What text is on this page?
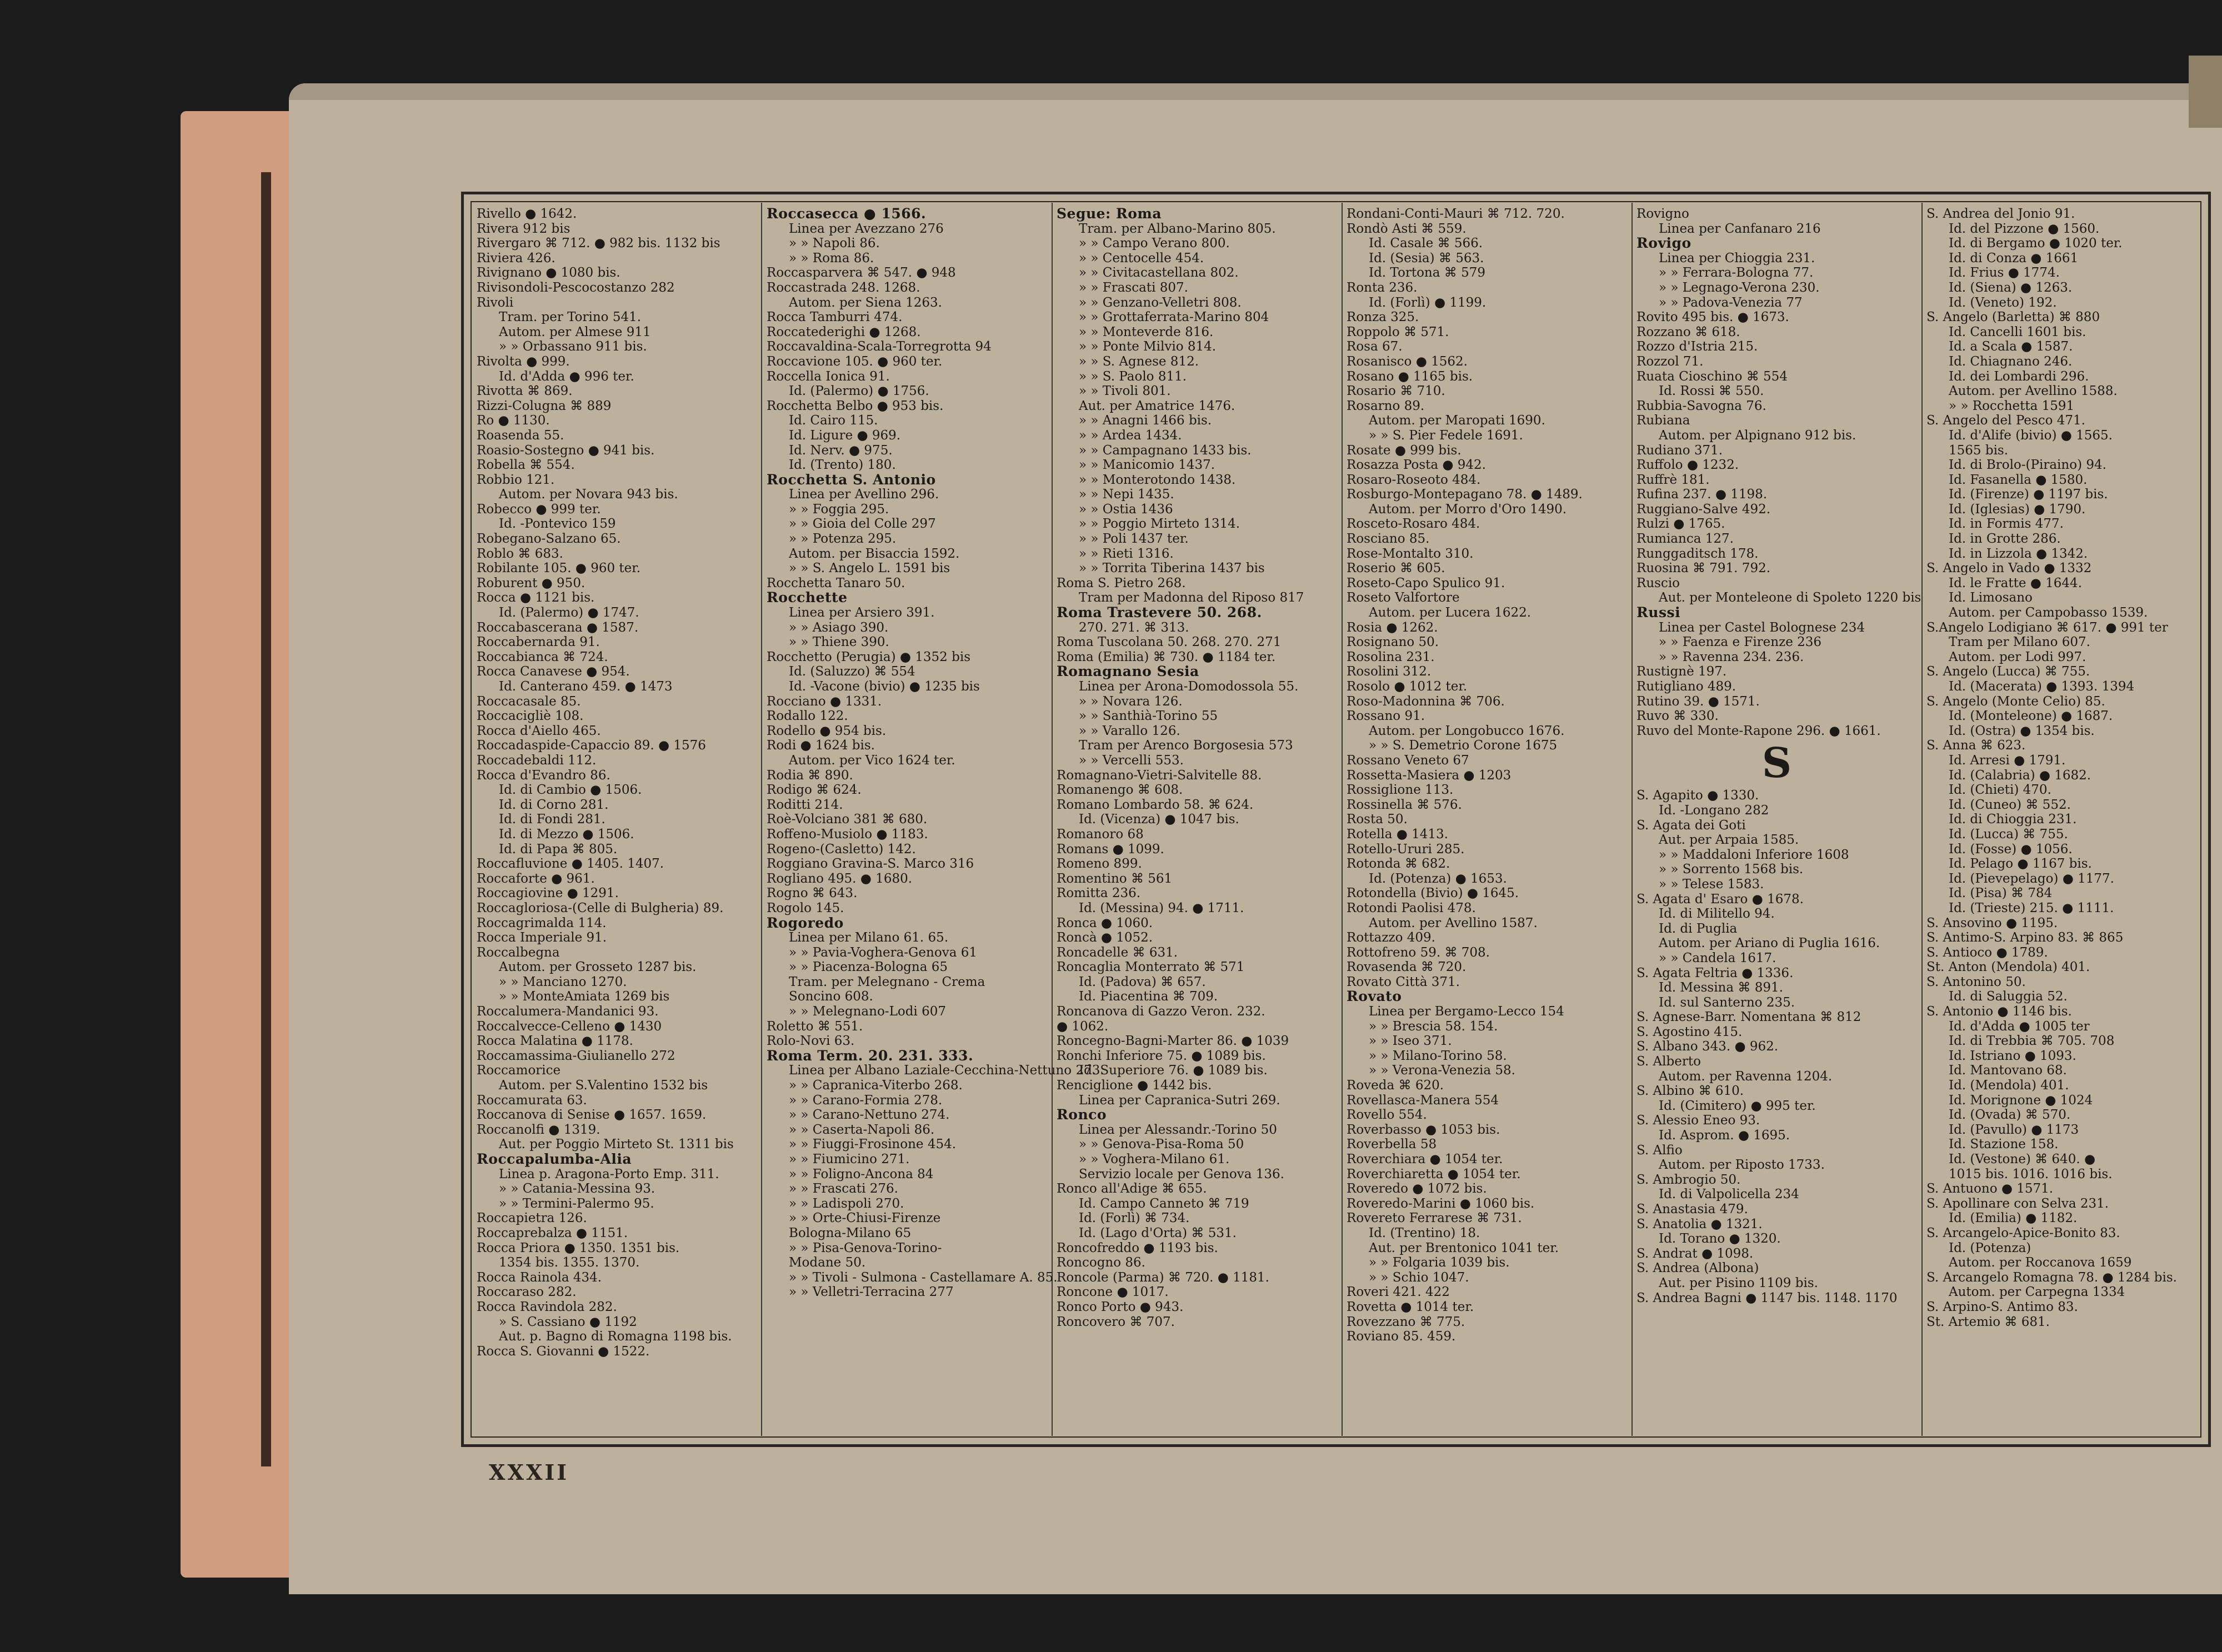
Rivello ● 1642.
Rivera 912 bis
Rivergaro ⌘ 712. ● 982 bis. 1132 bis
Riviera 426.
Rivignano ● 1080 bis.
Rivisondoli-Pescocostanzo 282
Rivoli
Tram. per Torino 541.
Autom. per Almese 911
» » Orbassano 911 bis.
Rivolta ● 999.
Id. d'Adda ● 996 ter.
Rivotta ⌘ 869.
Rizzi-Colugna ⌘ 889
Ro ● 1130.
Roasenda 55.
Roasio-Sostegno ● 941 bis.
Robella ⌘ 554.
Robbio 121.
Autom. per Novara 943 bis.
Robecco ● 999 ter.
Id. -Pontevico 159
Robegano-Salzano 65.
Roblo ⌘ 683.
Robilante 105. ● 960 ter.
Roburent ● 950.
Rocca ● 1121 bis.
Id. (Palermo) ● 1747.
Roccabascerana ● 1587.
Roccabernarda 91.
Roccabianca ⌘ 724.
Rocca Canavese ● 954.
Id. Canterano 459. ● 1473
Roccacasale 85.
Roccacigliè 108.
Rocca d'Aiello 465.
Roccadaspide-Capaccio 89. ● 1576
Roccadebaldi 112.
Rocca d'Evandro 86.
Id. di Cambio ● 1506.
Id. di Corno 281.
Id. di Fondi 281.
Id. di Mezzo ● 1506.
Id. di Papa ⌘ 805.
Roccafluvione ● 1405. 1407.
Roccaforte ● 961.
Roccagiovine ● 1291.
Roccagloriosa-(Celle di Bulgheria) 89.
Roccagrimalda 114.
Rocca Imperiale 91.
Roccalbegna
Autom. per Grosseto 1287 bis.
» » Manciano 1270.
» » MonteAmiata 1269 bis
Roccalumera-Mandanici 93.
Roccalvecce-Celleno ● 1430
Rocca Malatina ● 1178.
Roccamassima-Giulianello 272
Roccamorice
Autom. per S.Valentino 1532 bis
Roccamurata 63.
Roccanova di Senise ● 1657. 1659.
Roccanolfi ● 1319.
Aut. per Poggio Mirteto St. 1311 bis
Roccapalumba-Alia
Linea p. Aragona-Porto Emp. 311.
» » Catania-Messina 93.
» » Termini-Palermo 95.
Roccapietra 126.
Roccaprebalza ● 1151.
Rocca Priora ● 1350. 1351 bis.
1354 bis. 1355. 1370.
Rocca Rainola 434.
Roccaraso 282.
Rocca Ravindola 282.
» S. Cassiano ● 1192
Aut. p. Bagno di Romagna 1198 bis.
Rocca S. Giovanni ● 1522.
Roccasecca ● 1566.
Linea per Avezzano 276
» » Napoli 86.
» » Roma 86.
Roccasparvera ⌘ 547. ● 948
Roccastrada 248. 1268.
Autom. per Siena 1263.
Rocca Tamburri 474.
Roccatederighi ● 1268.
Roccavaldina-Scala-Torregrotta 94
Roccavione 105. ● 960 ter.
Roccella Ionica 91.
Id. (Palermo) ● 1756.
Rocchetta Belbo ● 953 bis.
Id. Cairo 115.
Id. Ligure ● 969.
Id. Nerv. ● 975.
Id. (Trento) 180.
Rocchetta S. Antonio
Linea per Avellino 296.
» » Foggia 295.
» » Gioia del Colle 297
» » Potenza 295.
Autom. per Bisaccia 1592.
» » S. Angelo L. 1591 bis
Rocchetta Tanaro 50.
Rocchette
Linea per Arsiero 391.
» » Asiago 390.
» » Thiene 390.
Rocchetto (Perugia) ● 1352 bis
Id. (Saluzzo) ⌘ 554
Id. -Vacone (bivio) ● 1235 bis
Rocciano ● 1331.
Rodallo 122.
Rodello ● 954 bis.
Rodi ● 1624 bis.
Autom. per Vico 1624 ter.
Rodia ⌘ 890.
Rodigo ⌘ 624.
Roditti 214.
Roè-Volciano 381 ⌘ 680.
Roffeno-Musiolo ● 1183.
Rogeno-(Casletto) 142.
Roggiano Gravina-S. Marco 316
Rogliano 495. ● 1680.
Rogno ⌘ 643.
Rogolo 145.
Rogoredo
Linea per Milano 61. 65.
» » Pavia-Voghera-Genova 61
» » Piacenza-Bologna 65
Tram. per Melegnano - Crema
Soncino 608.
» » Melegnano-Lodi 607
Roletto ⌘ 551.
Rolo-Novi 63.
Roma Term. 20. 231. 333.
Linea per Albano Laziale-Cecchina-Nettuno 273.
» » Capranica-Viterbo 268.
» » Carano-Formia 278.
» » Carano-Nettuno 274.
» » Caserta-Napoli 86.
» » Fiuggi-Frosinone 454.
» » Fiumicino 271.
» » Foligno-Ancona 84
» » Frascati 276.
» » Ladispoli 270.
» » Orte-Chiusi-Firenze
Bologna-Milano 65
» » Pisa-Genova-Torino-
Modane 50.
» » Tivoli - Sulmona - Castellamare A. 85.
» » Velletri-Terracina 277
Segue: Roma
Tram. per Albano-Marino 805.
» » Campo Verano 800.
» » Centocelle 454.
» » Civitacastellana 802.
» » Frascati 807.
» » Genzano-Velletri 808.
» » Grottaferrata-Marino 804
» » Monteverde 816.
» » Ponte Milvio 814.
» » S. Agnese 812.
» » S. Paolo 811.
» » Tivoli 801.
Aut. per Amatrice 1476.
» » Anagni 1466 bis.
» » Ardea 1434.
» » Campagnano 1433 bis.
» » Manicomio 1437.
» » Monterotondo 1438.
» » Nepi 1435.
» » Ostia 1436
» » Poggio Mirteto 1314.
» » Poli 1437 ter.
» » Rieti 1316.
» » Torrita Tiberina 1437 bis
Roma S. Pietro 268.
Tram per Madonna del Riposo 817
Roma Trastevere 50. 268.
270. 271. ⌘ 313.
Roma Tuscolana 50. 268. 270. 271
Roma (Emilia) ⌘ 730. ● 1184 ter.
Romagnano Sesia
Linea per Arona-Domodossola 55.
» » Novara 126.
» » Santhià-Torino 55
» » Varallo 126.
Tram per Arenco Borgosesia 573
» » Vercelli 553.
Romagnano-Vietri-Salvitelle 88.
Romanengo ⌘ 608.
Romano Lombardo 58. ⌘ 624.
Id. (Vicenza) ● 1047 bis.
Romanoro 68
Romans ● 1099.
Romeno 899.
Romentino ⌘ 561
Romitta 236.
Id. (Messina) 94. ● 1711.
Ronca ● 1060.
Roncà ● 1052.
Roncadelle ⌘ 631.
Roncaglia Monterrato ⌘ 571
Id. (Padova) ⌘ 657.
Id. Piacentina ⌘ 709.
Roncanova di Gazzo Veron. 232.
● 1062.
Roncegno-Bagni-Marter 86. ● 1039
Ronchi Inferiore 75. ● 1089 bis.
Id. Superiore 76. ● 1089 bis.
Renciglione ● 1442 bis.
Linea per Capranica-Sutri 269.
Ronco
Linea per Alessandr.-Torino 50
» » Genova-Pisa-Roma 50
» » Voghera-Milano 61.
Servizio locale per Genova 136.
Ronco all'Adige ⌘ 655.
Id. Campo Canneto ⌘ 719
Id. (Forlì) ⌘ 734.
Id. (Lago d'Orta) ⌘ 531.
Roncofreddo ● 1193 bis.
Roncogno 86.
Roncole (Parma) ⌘ 720. ● 1181.
Roncone ● 1017.
Ronco Porto ● 943.
Roncovero ⌘ 707.
Rondani-Conti-Mauri ⌘ 712. 720.
Rondò Asti ⌘ 559.
Id. Casale ⌘ 566.
Id. (Sesia) ⌘ 563.
Id. Tortona ⌘ 579
Ronta 236.
Id. (Forlì) ● 1199.
Ronza 325.
Roppolo ⌘ 571.
Rosa 67.
Rosanisco ● 1562.
Rosano ● 1165 bis.
Rosario ⌘ 710.
Rosarno 89.
Autom. per Maropati 1690.
» » S. Pier Fedele 1691.
Rosate ● 999 bis.
Rosazza Posta ● 942.
Rosaro-Roseoto 484.
Rosburgo-Montepagano 78. ● 1489.
Autom. per Morro d'Oro 1490.
Rosceto-Rosaro 484.
Rosciano 85.
Rose-Montalto 310.
Roserio ⌘ 605.
Roseto-Capo Spulico 91.
Roseto Valfortore
Autom. per Lucera 1622.
Rosia ● 1262.
Rosignano 50.
Rosolina 231.
Rosolini 312.
Rosolo ● 1012 ter.
Roso-Madonnina ⌘ 706.
Rossano 91.
Autom. per Longobucco 1676.
» » S. Demetrio Corone 1675
Rossano Veneto 67
Rossetta-Masiera ● 1203
Rossiglione 113.
Rossinella ⌘ 576.
Rosta 50.
Rotella ● 1413.
Rotello-Ururi 285.
Rotonda ⌘ 682.
Id. (Potenza) ● 1653.
Rotondella (Bivio) ● 1645.
Rotondi Paolisi 478.
Autom. per Avellino 1587.
Rottazzo 409.
Rottofreno 59. ⌘ 708.
Rovasenda ⌘ 720.
Rovato Città 371.
Rovato
Linea per Bergamo-Lecco 154
» » Brescia 58. 154.
» » Iseo 371.
» » Milano-Torino 58.
» » Verona-Venezia 58.
Roveda ⌘ 620.
Rovellasca-Manera 554
Rovello 554.
Roverbasso ● 1053 bis.
Roverbella 58
Roverchiara ● 1054 ter.
Roverchiaretta ● 1054 ter.
Roveredo ● 1072 bis.
Roveredo-Marini ● 1060 bis.
Rovereto Ferrarese ⌘ 731.
Id. (Trentino) 18.
Aut. per Brentonico 1041 ter.
» » Folgaria 1039 bis.
» » Schio 1047.
Roveri 421. 422
Rovetta ● 1014 ter.
Rovezzano ⌘ 775.
Roviano 85. 459.
Rovigno
Linea per Canfanaro 216
Rovigo
Linea per Chioggia 231.
» » Ferrara-Bologna 77.
» » Legnago-Verona 230.
» » Padova-Venezia 77
Rovito 495 bis. ● 1673.
Rozzano ⌘ 618.
Rozzo d'Istria 215.
Rozzol 71.
Ruata Cioschino ⌘ 554
Id. Rossi ⌘ 550.
Rubbia-Savogna 76.
Rubiana
Autom. per Alpignano 912 bis.
Rudiano 371.
Ruffolo ● 1232.
Ruffrè 181.
Rufina 237. ● 1198.
Ruggiano-Salve 492.
Rulzi ● 1765.
Rumianca 127.
Runggaditsch 178.
Ruosina ⌘ 791. 792.
Ruscio
Aut. per Monteleone di Spoleto 1220 bis
Russi
Linea per Castel Bolognese 234
» » Faenza e Firenze 236
» » Ravenna 234. 236.
Rustignè 197.
Rutigliano 489.
Rutino 39. ● 1571.
Ruvo ⌘ 330.
Ruvo del Monte-Rapone 296. ● 1661.
S
S. Agapito ● 1330.
Id. -Longano 282
S. Agata dei Goti
Aut. per Arpaia 1585.
» » Maddaloni Inferiore 1608
» » Sorrento 1568 bis.
» » Telese 1583.
S. Agata d' Esaro ● 1678.
Id. di Militello 94.
Id. di Puglia
Autom. per Ariano di Puglia 1616.
» » Candela 1617.
S. Agata Feltria ● 1336.
Id. Messina ⌘ 891.
Id. sul Santerno 235.
S. Agnese-Barr. Nomentana ⌘ 812
S. Agostino 415.
S. Albano 343. ● 962.
S. Alberto
Autom. per Ravenna 1204.
S. Albino ⌘ 610.
Id. (Cimitero) ● 995 ter.
S. Alessio Eneo 93.
Id. Asprom. ● 1695.
S. Alfio
Autom. per Riposto 1733.
S. Ambrogio 50.
Id. di Valpolicella 234
S. Anastasia 479.
S. Anatolia ● 1321.
Id. Torano ● 1320.
S. Andrat ● 1098.
S. Andrea (Albona)
Aut. per Pisino 1109 bis.
S. Andrea Bagni ● 1147 bis. 1148. 1170
S. Andrea del Jonio 91.
Id. del Pizzone ● 1560.
Id. di Bergamo ● 1020 ter.
Id. di Conza ● 1661
Id. Frius ● 1774.
Id. (Siena) ● 1263.
Id. (Veneto) 192.
S. Angelo (Barletta) ⌘ 880
Id. Cancelli 1601 bis.
Id. a Scala ● 1587.
Id. Chiagnano 246.
Id. dei Lombardi 296.
Autom. per Avellino 1588.
» » Rocchetta 1591
S. Angelo del Pesco 471.
Id. d'Alife (bivio) ● 1565.
1565 bis.
Id. di Brolo-(Piraino) 94.
Id. Fasanella ● 1580.
Id. (Firenze) ● 1197 bis.
Id. (Iglesias) ● 1790.
Id. in Formis 477.
Id. in Grotte 286.
Id. in Lizzola ● 1342.
S. Angelo in Vado ● 1332
Id. le Fratte ● 1644.
Id. Limosano
Autom. per Campobasso 1539.
S.Angelo Lodigiano ⌘ 617. ● 991 ter
Tram per Milano 607.
Autom. per Lodi 997.
S. Angelo (Lucca) ⌘ 755.
Id. (Macerata) ● 1393. 1394
S. Angelo (Monte Celio) 85.
Id. (Monteleone) ● 1687.
Id. (Ostra) ● 1354 bis.
S. Anna ⌘ 623.
Id. Arresi ● 1791.
Id. (Calabria) ● 1682.
Id. (Chieti) 470.
Id. (Cuneo) ⌘ 552.
Id. di Chioggia 231.
Id. (Lucca) ⌘ 755.
Id. (Fosse) ● 1056.
Id. Pelago ● 1167 bis.
Id. (Pievepelago) ● 1177.
Id. (Pisa) ⌘ 784
Id. (Trieste) 215. ● 1111.
S. Ansovino ● 1195.
S. Antimo-S. Arpino 83. ⌘ 865
S. Antioco ● 1789.
St. Anton (Mendola) 401.
S. Antonino 50.
Id. di Saluggia 52.
S. Antonio ● 1146 bis.
Id. d'Adda ● 1005 ter
Id. di Trebbia ⌘ 705. 708
Id. Istriano ● 1093.
Id. Mantovano 68.
Id. (Mendola) 401.
Id. Morignone ● 1024
Id. (Ovada) ⌘ 570.
Id. (Pavullo) ● 1173
Id. Stazione 158.
Id. (Vestone) ⌘ 640. ●
1015 bis. 1016. 1016 bis.
S. Antuono ● 1571.
S. Apollinare con Selva 231.
Id. (Emilia) ● 1182.
S. Arcangelo-Apice-Bonito 83.
Id. (Potenza)
Autom. per Roccanova 1659
S. Arcangelo Romagna 78. ● 1284 bis.
Autom. per Carpegna 1334
S. Arpino-S. Antimo 83.
St. Artemio ⌘ 681.
XXXII
